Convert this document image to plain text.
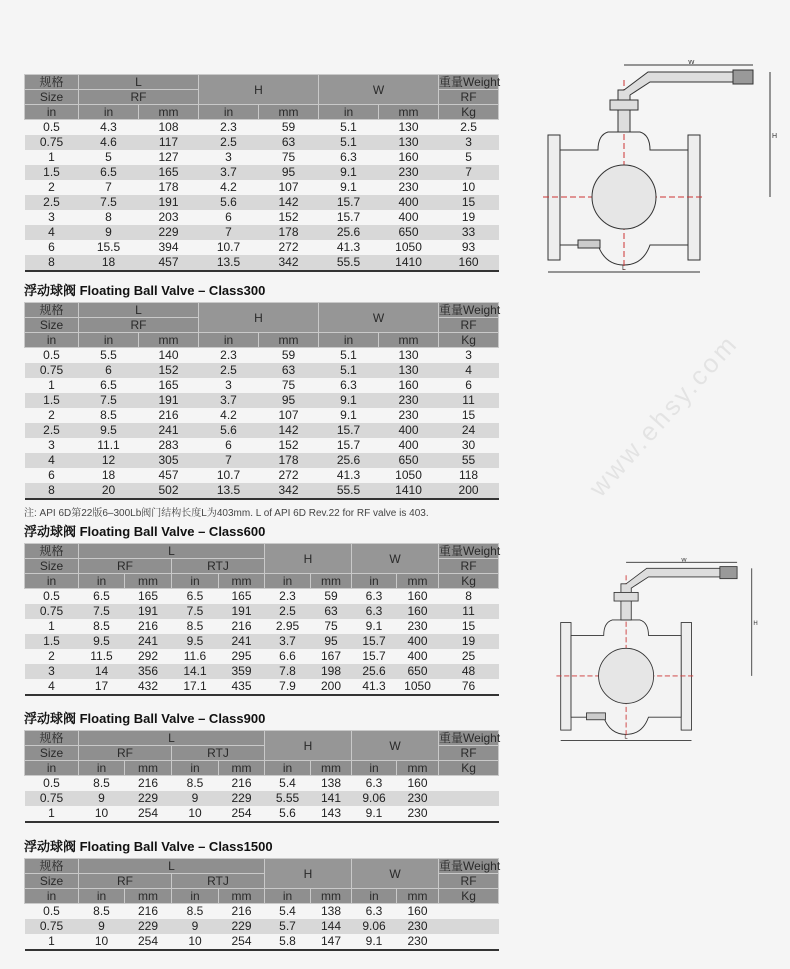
www.ehsy.com
规格	L		H		W		重量Weight
Size	RF						RF
in	in	mm	in	mm	in	mm	Kg
0.5	4.3	108	2.3	59	5.1	130	2.5
0.75	4.6	117	2.5	63	5.1	130	3
1	5	127	3	75	6.3	160	5
1.5	6.5	165	3.7	95	9.1	230	7
2	7	178	4.2	107	9.1	230	10
2.5	7.5	191	5.6	142	15.7	400	15
3	8	203	6	152	15.7	400	19
4	9	229	7	178	25.6	650	33
6	15.5	394	10.7	272	41.3	1050	93
8	18	457	13.5	342	55.5	1410	160
浮动球阀 Floating Ball Valve – Class300
规格	L		H		W		重量Weight
Size	RF						RF
in	in	mm	in	mm	in	mm	Kg
0.5	5.5	140	2.3	59	5.1	130	3
0.75	6	152	2.5	63	5.1	130	4
1	6.5	165	3	75	6.3	160	6
1.5	7.5	191	3.7	95	9.1	230	11
2	8.5	216	4.2	107	9.1	230	15
2.5	9.5	241	5.6	142	15.7	400	24
3	11.1	283	6	152	15.7	400	30
4	12	305	7	178	25.6	650	55
6	18	457	10.7	272	41.3	1050	118
8	20	502	13.5	342	55.5	1410	200
注: API 6D第22版6–300Lb阀门结构长度L为403mm. L of API 6D Rev.22 for RF valve is 403.
浮动球阀 Floating Ball Valve – Class600
规格	L				H		W		重量Weight
Size	RF		RTJ						RF
in	in	mm	in	mm	in	mm	in	mm	Kg
0.5	6.5	165	6.5	165	2.3	59	6.3	160	8
0.75	7.5	191	7.5	191	2.5	63	6.3	160	11
1	8.5	216	8.5	216	2.95	75	9.1	230	15
1.5	9.5	241	9.5	241	3.7	95	15.7	400	19
2	11.5	292	11.6	295	6.6	167	15.7	400	25
3	14	356	14.1	359	7.8	198	25.6	650	48
4	17	432	17.1	435	7.9	200	41.3	1050	76
浮动球阀 Floating Ball Valve – Class900
规格	L				H		W		重量Weight
Size	RF		RTJ						RF
in	in	mm	in	mm	in	mm	in	mm	Kg
0.5	8.5	216	8.5	216	5.4	138	6.3	160	
0.75	9	229	9	229	5.55	141	9.06	230	
1	10	254	10	254	5.6	143	9.1	230	
浮动球阀 Floating Ball Valve – Class1500
规格	L				H		W		重量Weight
Size	RF		RTJ						RF
in	in	mm	in	mm	in	mm	in	mm	Kg
0.5	8.5	216	8.5	216	5.4	138	6.3	160	
0.75	9	229	9	229	5.7	144	9.06	230	
1	10	254	10	254	5.8	147	9.1	230	
W
H
L
W
H
L
